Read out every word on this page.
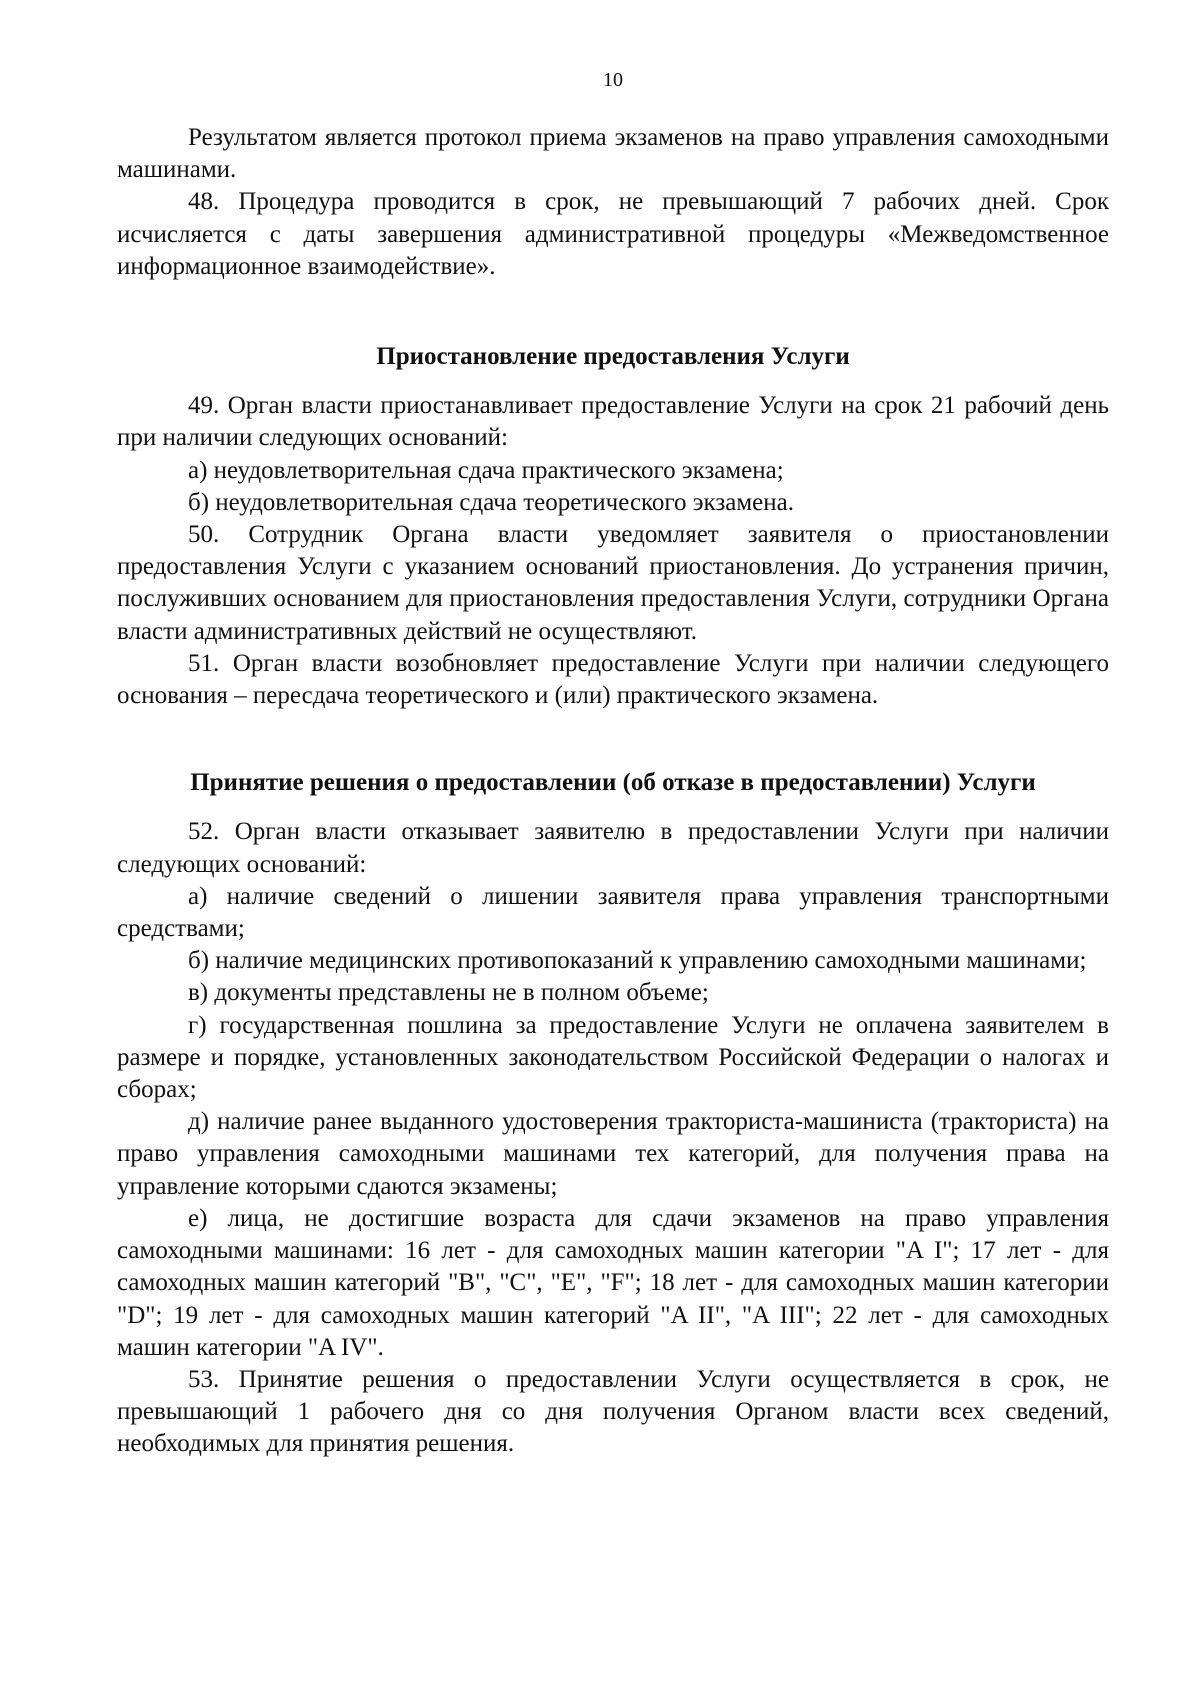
10

Результатом является протокол приема экзаменов на право управления самоходными машинами.

48. Процедура проводится в срок, не превышающий 7 рабочих дней. Срок исчисляется с даты завершения административной процедуры «Межведомственное информационное взаимодействие».

Приостановление предоставления Услуги

49. Орган власти приостанавливает предоставление Услуги на срок 21 рабочий день при наличии следующих оснований:

а) неудовлетворительная сдача практического экзамена;

б) неудовлетворительная сдача теоретического экзамена.

50. Сотрудник Органа власти уведомляет заявителя о приостановлении предоставления Услуги с указанием оснований приостановления. До устранения причин, послуживших основанием для приостановления предоставления Услуги, сотрудники Органа власти административных действий не осуществляют.

51. Орган власти возобновляет предоставление Услуги при наличии следующего основания – пересдача теоретического и (или) практического экзамена.

Принятие решения о предоставлении (об отказе в предоставлении) Услуги

52. Орган власти отказывает заявителю в предоставлении Услуги при наличии следующих оснований:

а) наличие сведений о лишении заявителя права управления транспортными средствами;

б) наличие медицинских противопоказаний к управлению самоходными машинами;

в) документы представлены не в полном объеме;

г) государственная пошлина за предоставление Услуги не оплачена заявителем в размере и порядке, установленных законодательством Российской Федерации о налогах и сборах;

д) наличие ранее выданного удостоверения тракториста-машиниста (тракториста) на право управления самоходными машинами тех категорий, для получения права на управление которыми сдаются экзамены;

е) лица, не достигшие возраста для сдачи экзаменов на право управления самоходными машинами: 16 лет - для самоходных машин категории "A I"; 17 лет - для самоходных машин категорий "B", "C", "E", "F"; 18 лет - для самоходных машин категории "D"; 19 лет - для самоходных машин категорий "A II", "A III"; 22 лет - для самоходных машин категории "A IV".

53. Принятие решения о предоставлении Услуги осуществляется в срок, не превышающий 1 рабочего дня со дня получения Органом власти всех сведений, необходимых для принятия решения.
